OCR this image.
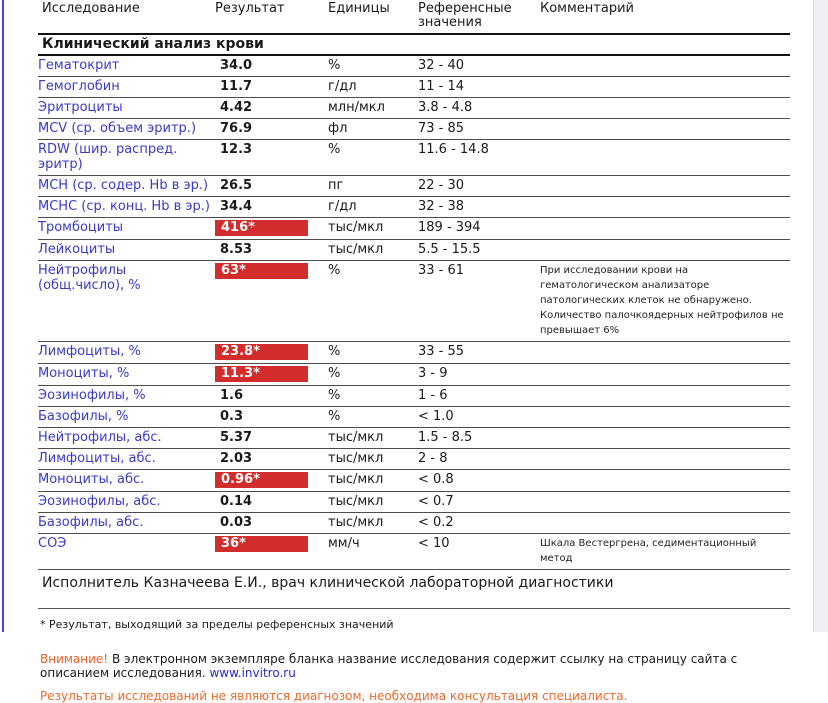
Исследование	Результат	Единицы	Референсные значения	Комментарий
Клинический анализ крови				
Гематокрит	34.0	%	32 - 40	
Гемоглобин	11.7	г/дл	11 - 14	
Эритроциты	4.42	млн/мкл	3.8 - 4.8	
MCV (ср. объем эритр.)	76.9	фл	73 - 85	
RDW (шир. распред. эритр)	12.3	%	11.6 - 14.8	
MCH (ср. содер. Hb в эр.)	26.5	пг	22 - 30	
MCHC (ср. конц. Hb в эр.)	34.4	г/дл	32 - 38	
Тромбоциты	416*	тыс/мкл	189 - 394	
Лейкоциты	8.53	тыс/мкл	5.5 - 15.5	
Нейтрофилы (общ.число), %	63*	%	33 - 61	При исследовании крови на гематологическом анализаторе патологических клеток не обнаружено. Количество палочкоядерных нейтрофилов не превышает 6%
Лимфоциты, %	23.8*	%	33 - 55	
Моноциты, %	11.3*	%	3 - 9	
Эозинофилы, %	1.6	%	1 - 6	
Базофилы, %	0.3	%	< 1.0	
Нейтрофилы, абс.	5.37	тыс/мкл	1.5 - 8.5	
Лимфоциты, абс.	2.03	тыс/мкл	2 - 8	
Моноциты, абс.	0.96*	тыс/мкл	< 0.8	
Эозинофилы, абс.	0.14	тыс/мкл	< 0.7	
Базофилы, абс.	0.03	тыс/мкл	< 0.2	
СОЭ	36*	мм/ч	< 10	Шкала Вестергрена, седиментационный метод
Исполнитель Казначеева Е.И., врач клинической лабораторной диагностики
* Результат, выходящий за пределы референсных значений
Внимание! В электронном экземпляре бланка название исследования содержит ссылку на страницу сайта с описанием исследования. www.invitro.ru
Результаты исследований не являются диагнозом, необходима консультация специалиста.
